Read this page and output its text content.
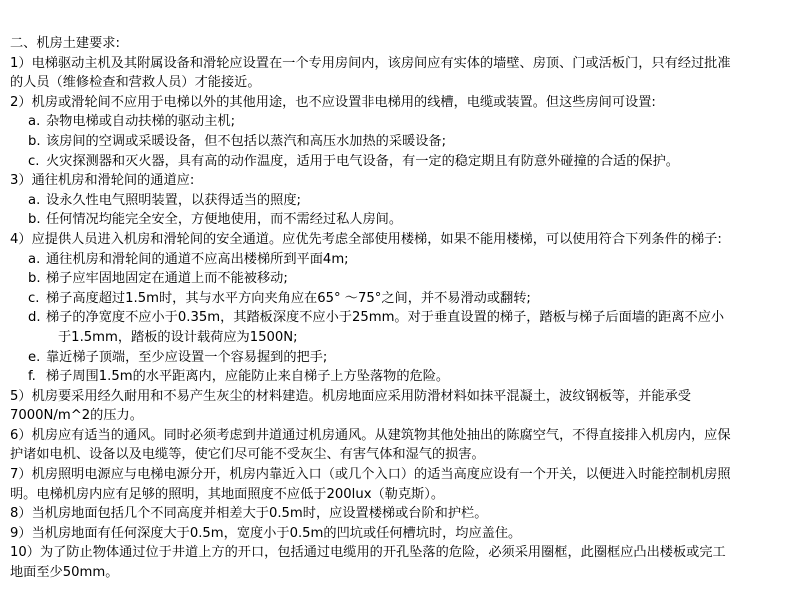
二、机房土建要求:
1）电梯驱动主机及其附属设备和滑轮应设置在一个专用房间内，该房间应有实体的墙壁、房顶、门或活板门，只有经过批准
的人员（维修检查和营救人员）才能接近。
2）机房或滑轮间不应用于电梯以外的其他用途，也不应设置非电梯用的线槽，电缆或装置。但这些房间可设置:
a. 杂物电梯或自动扶梯的驱动主机;
b. 该房间的空调或采暖设备，但不包括以蒸汽和高压水加热的采暖设备;
c. 火灾探测器和灭火器，具有高的动作温度，适用于电气设备，有一定的稳定期且有防意外碰撞的合适的保护。
3）通往机房和滑轮间的通道应:
a. 设永久性电气照明装置，以获得适当的照度;
b. 任何情况均能完全安全，方便地使用，而不需经过私人房间。
4）应提供人员进入机房和滑轮间的安全通道。应优先考虑全部使用楼梯，如果不能用楼梯，可以使用符合下列条件的梯子:
a. 通往机房和滑轮间的通道不应高出楼梯所到平面4m;
b. 梯子应牢固地固定在通道上而不能被移动;
c. 梯子高度超过1.5m时，其与水平方向夹角应在65° ～75°之间，并不易滑动或翻转;
d. 梯子的净宽度不应小于0.35m，其踏板深度不应小于25mm。对于垂直设置的梯子，踏板与梯子后面墙的距离不应小
于1.5mm，踏板的设计载荷应为1500N;
e. 靠近梯子顶端，至少应设置一个容易握到的把手;
f. 梯子周围1.5m的水平距离内，应能防止来自梯子上方坠落物的危险。
5）机房要采用经久耐用和不易产生灰尘的材料建造。机房地面应采用防滑材料如抹平混凝土，波纹钢板等，并能承受
7000N/m^2的压力。
6）机房应有适当的通风。同时必须考虑到井道通过机房通风。从建筑物其他处抽出的陈腐空气，不得直接排入机房内，应保
护诸如电机、设备以及电缆等，使它们尽可能不受灰尘、有害气体和湿气的损害。
7）机房照明电源应与电梯电源分开，机房内靠近入口（或几个入口）的适当高度应设有一个开关，以便进入时能控制机房照
明。电梯机房内应有足够的照明，其地面照度不应低于200lux（勒克斯）。
8）当机房地面包括几个不同高度并相差大于0.5m时，应设置楼梯或台阶和护栏。
9）当机房地面有任何深度大于0.5m，宽度小于0.5m的凹坑或任何槽坑时，均应盖住。
10）为了防止物体通过位于井道上方的开口，包括通过电缆用的开孔坠落的危险，必须采用圈框，此圈框应凸出楼板或完工
地面至少50mm。
